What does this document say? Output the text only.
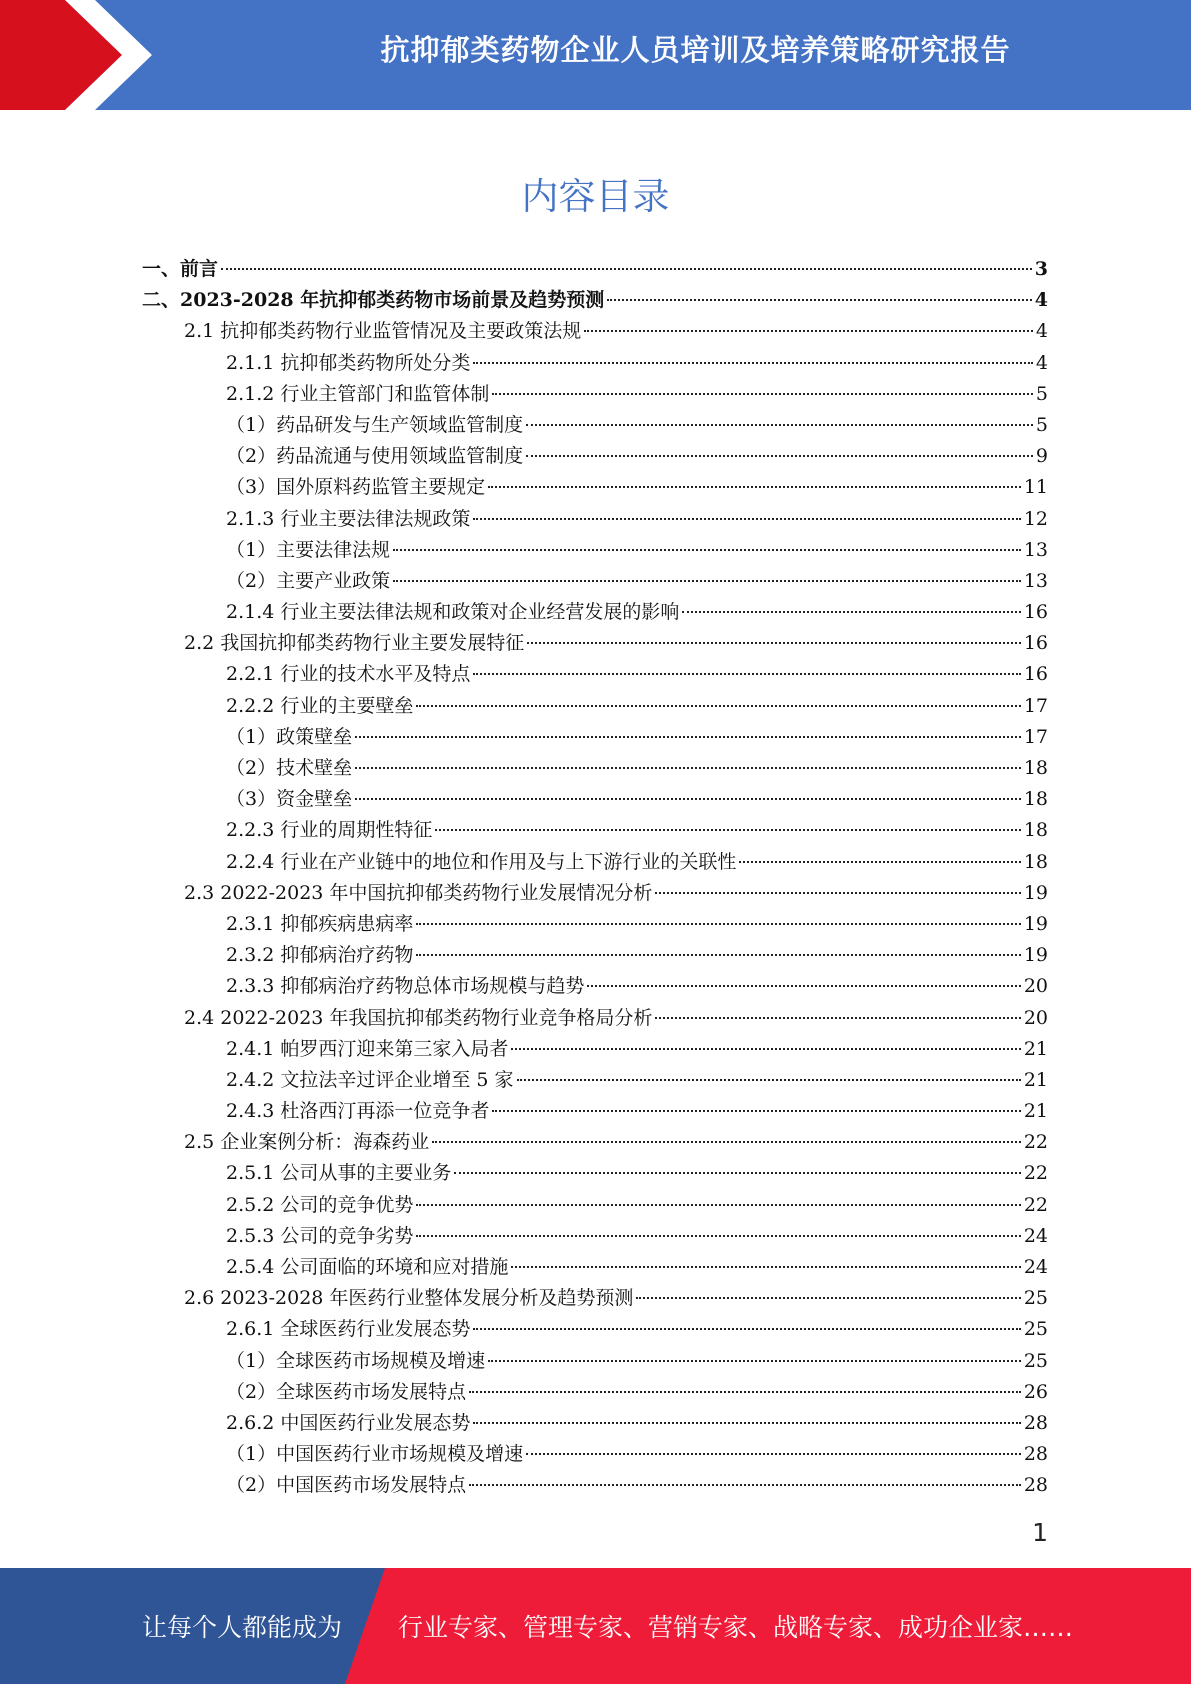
抗抑郁类药物企业人员培训及培养策略研究报告
内容目录
一、前言	3
二、2023-2028 年抗抑郁类药物市场前景及趋势预测	4
2.1 抗抑郁类药物行业监管情况及主要政策法规	4
2.1.1 抗抑郁类药物所处分类	4
2.1.2 行业主管部门和监管体制	5
（1）药品研发与生产领域监管制度	5
（2）药品流通与使用领域监管制度	9
（3）国外原料药监管主要规定	11
2.1.3 行业主要法律法规政策	12
（1）主要法律法规	13
（2）主要产业政策	13
2.1.4 行业主要法律法规和政策对企业经营发展的影响	16
2.2 我国抗抑郁类药物行业主要发展特征	16
2.2.1 行业的技术水平及特点	16
2.2.2 行业的主要壁垒	17
（1）政策壁垒	17
（2）技术壁垒	18
（3）资金壁垒	18
2.2.3 行业的周期性特征	18
2.2.4 行业在产业链中的地位和作用及与上下游行业的关联性	18
2.3 2022-2023 年中国抗抑郁类药物行业发展情况分析	19
2.3.1 抑郁疾病患病率	19
2.3.2 抑郁病治疗药物	19
2.3.3 抑郁病治疗药物总体市场规模与趋势	20
2.4 2022-2023 年我国抗抑郁类药物行业竞争格局分析	20
2.4.1 帕罗西汀迎来第三家入局者	21
2.4.2 文拉法辛过评企业增至 5 家	21
2.4.3 杜洛西汀再添一位竞争者	21
2.5 企业案例分析：海森药业	22
2.5.1 公司从事的主要业务	22
2.5.2 公司的竞争优势	22
2.5.3 公司的竞争劣势	24
2.5.4 公司面临的环境和应对措施	24
2.6 2023-2028 年医药行业整体发展分析及趋势预测	25
2.6.1 全球医药行业发展态势	25
（1）全球医药市场规模及增速	25
（2）全球医药市场发展特点	26
2.6.2 中国医药行业发展态势	28
（1）中国医药行业市场规模及增速	28
（2）中国医药市场发展特点	28
1
让每个人都能成为 行业专家、管理专家、营销专家、战略专家、成功企业家……
